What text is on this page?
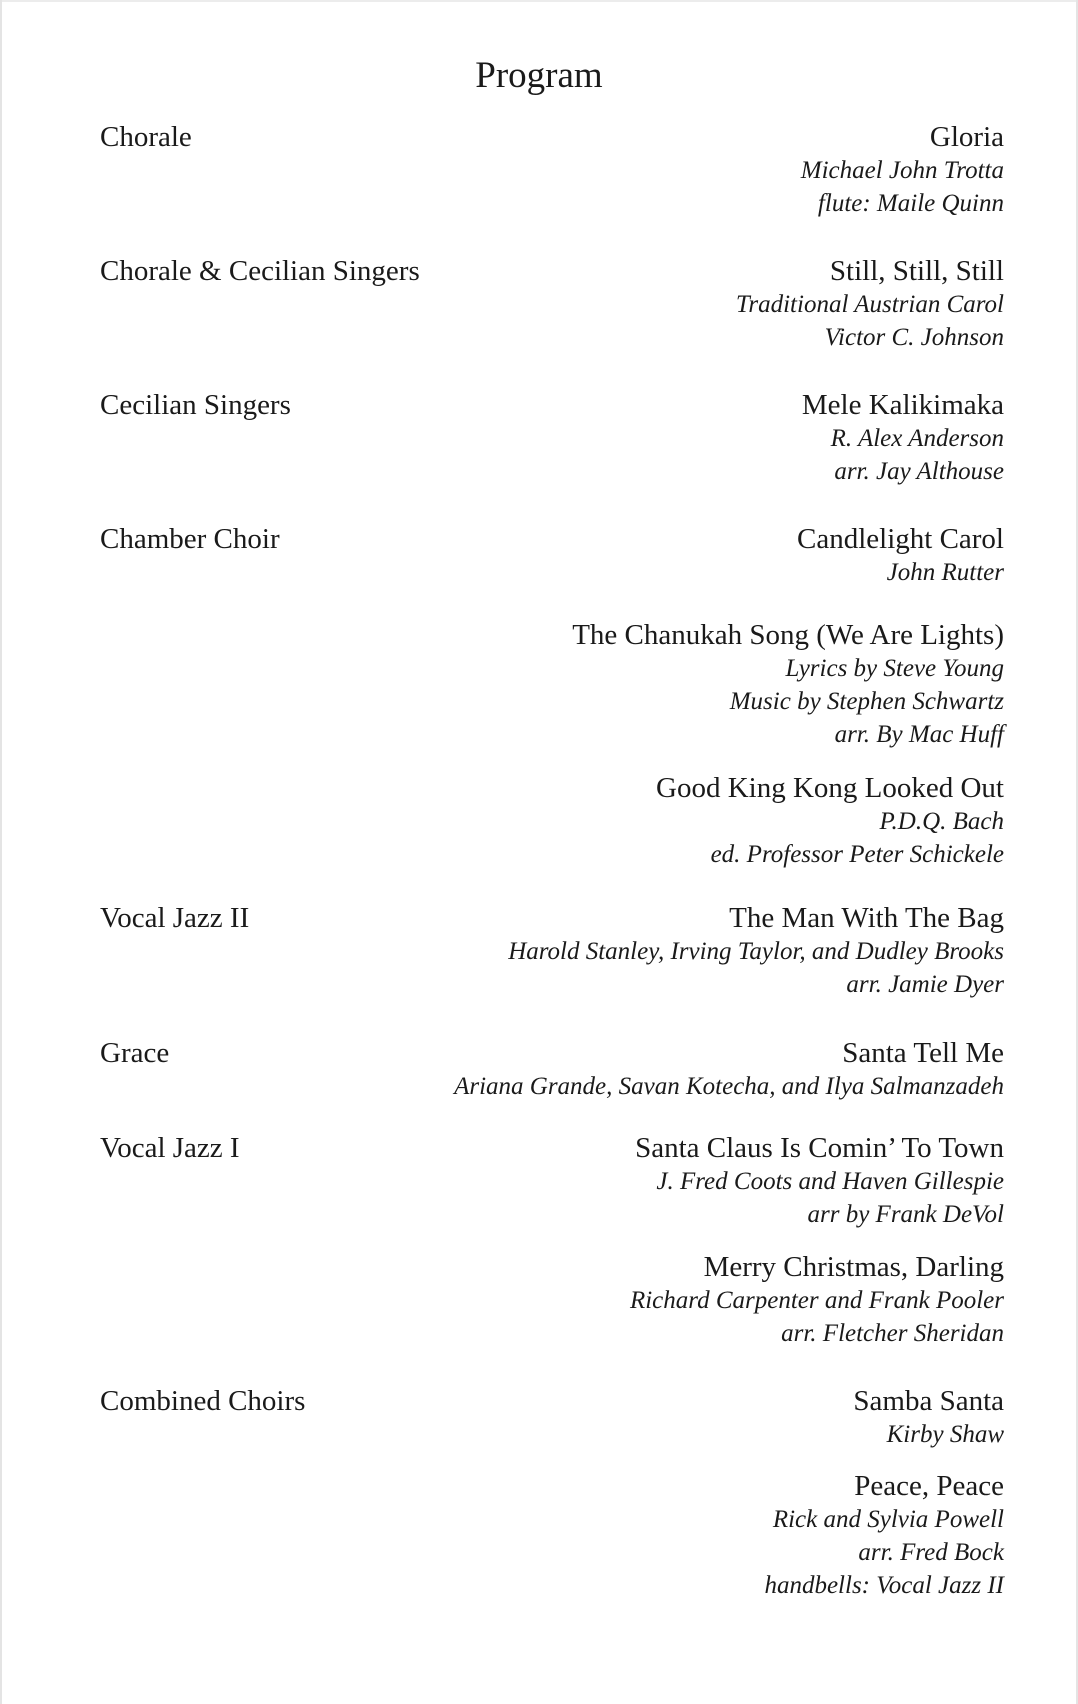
Program
Chorale	Gloria
Michael John Trotta
flute: Maile Quinn
Chorale & Cecilian Singers	Still, Still, Still
Traditional Austrian Carol
Victor C. Johnson
Cecilian Singers	Mele Kalikimaka
R. Alex Anderson
arr. Jay Althouse
Chamber Choir	Candlelight Carol
John Rutter
The Chanukah Song (We Are Lights)
Lyrics by Steve Young
Music by Stephen Schwartz
arr. By Mac Huff
Good King Kong Looked Out
P.D.Q. Bach
ed. Professor Peter Schickele
Vocal Jazz II	The Man With The Bag
Harold Stanley, Irving Taylor, and Dudley Brooks
arr. Jamie Dyer
Grace	Santa Tell Me
Ariana Grande, Savan Kotecha, and Ilya Salmanzadeh
Vocal Jazz I	Santa Claus Is Comin’ To Town
J. Fred Coots and Haven Gillespie
arr by Frank DeVol
Merry Christmas, Darling
Richard Carpenter and Frank Pooler
arr. Fletcher Sheridan
Combined Choirs	Samba Santa
Kirby Shaw
Peace, Peace
Rick and Sylvia Powell
arr. Fred Bock
handbells: Vocal Jazz II
